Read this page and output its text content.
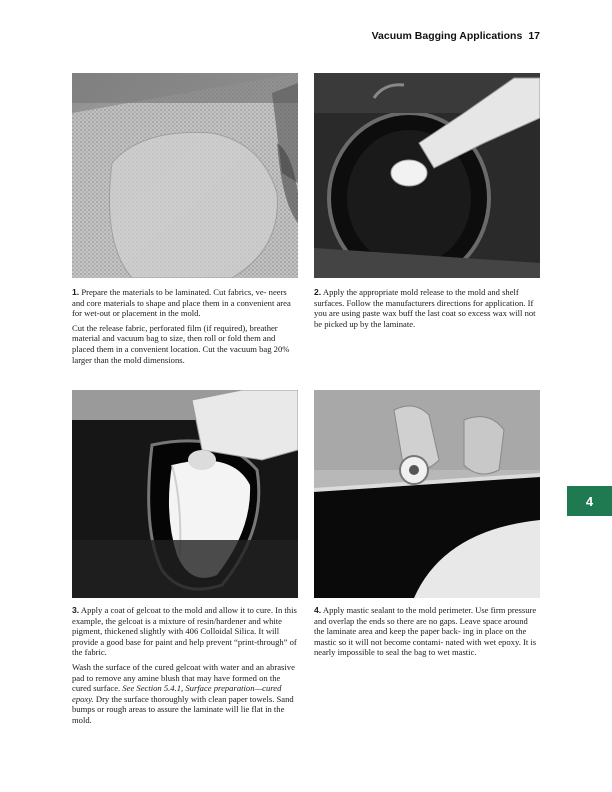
Vacuum Bagging Applications 17

1. Prepare the materials to be laminated. Cut fabrics, ve- neers and core materials to shape and place them in a convenient area for wet-out or placement in the mold.

Cut the release fabric, perforated film (if required), breather material and vacuum bag to size, then roll or fold them and placed them in a convenient location. Cut the vacuum bag 20% larger than the mold dimensions.

2. Apply the appropriate mold release to the mold and shelf surfaces. Follow the manufacturers directions for application. If you are using paste wax buff the last coat so excess wax will not be picked up by the laminate.

3. Apply a coat of gelcoat to the mold and allow it to cure. In this example, the gelcoat is a mixture of resin/hardener and white pigment, thickened slightly with 406 Colloidal Silica. It will provide a good base for paint and help prevent “print-through” of the fabric.

Wash the surface of the cured gelcoat with water and an abrasive pad to remove any amine blush that may have formed on the cured surface. See Section 5.4.1, Surface preparation—cured epoxy. Dry the surface thoroughly with clean paper towels. Sand bumps or rough areas to assure the laminate will lie flat in the mold.

4. Apply mastic sealant to the mold perimeter. Use firm pressure and overlap the ends so there are no gaps. Leave space around the laminate area and keep the paper back- ing in place on the mastic so it will not become contami- nated with wet epoxy. It is nearly impossible to seal the bag to wet mastic.

4
